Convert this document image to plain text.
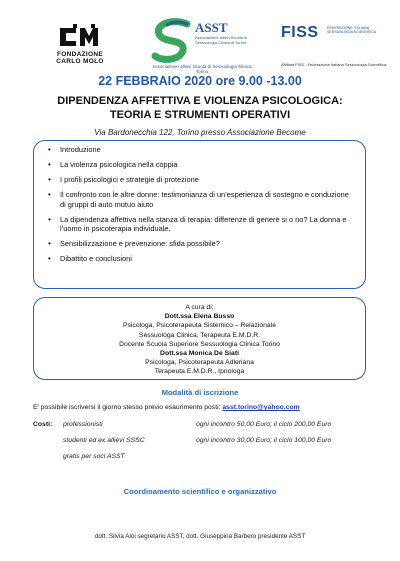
FONDAZIONE
CARLO MOLO
ASST
Associazione allievi Scuola di Sessuologia Clinica di Torino
Associazione allievi Scuola di Sessuologia Clinica Torino
FISS FEDERAZIONE ITALIANA SESSUOLOGIA SCIENTIFICA
Affiliata FISS - Federazione Italiana Sessuologia Scientifica
22 FEBBRAIO 2020 ore 9.00 -13.00
DIPENDENZA AFFETTIVA E VIOLENZA PSICOLOGICA:
TEORIA E STRUMENTI OPERATIVI
Via Bardonecchia 122, Torino presso Associazione Become
• Introduzione
• La violenza psicologica nella coppia
• I profili psicologici e strategie di protezione
• Il confronto con le altre donne: testimonianza di un’esperienza di sostegno e conduzione di gruppi di auto mutuo aiuto
• La dipendenza affettiva nella stanza di terapia: differenze di genere si o no? La donna e l’uomo in psicoterapia individuale.
• Sensibilizzazione e prevenzione: sfida possibile?
• Dibattito e conclusioni
A cura di:
Dott.ssa Elena Busso
Psicologa, Psicoterapeuta Sistemico – Relazionale
Sessuologa Clinica, Terapeuta E.M.D.R.
Docente Scuola Superiore Sessuologia Clinica Torino
Dott.ssa Monica De Siati
Psicologa, Psicoterapeuta Adleriana
Terapeuta E.M.D.R., Ipnologa
Modalità di iscrizione
E’ possibile iscriversi il giorno stesso previo esaurimento posti: asst.torino@yahoo.com
Costi: professionisti	ogni incontro 50,00 Euro; il ciclo 200,00 Euro
studenti ed ex allievi SSSC	ogni incontro 30,00 Euro; il ciclo 100,00 Euro
gratis per soci ASST
Coordinamento scientifico e organizzativo
dott. Silvia Aloi segretario ASST, dott. Giuseppina Barbero presidente ASST
